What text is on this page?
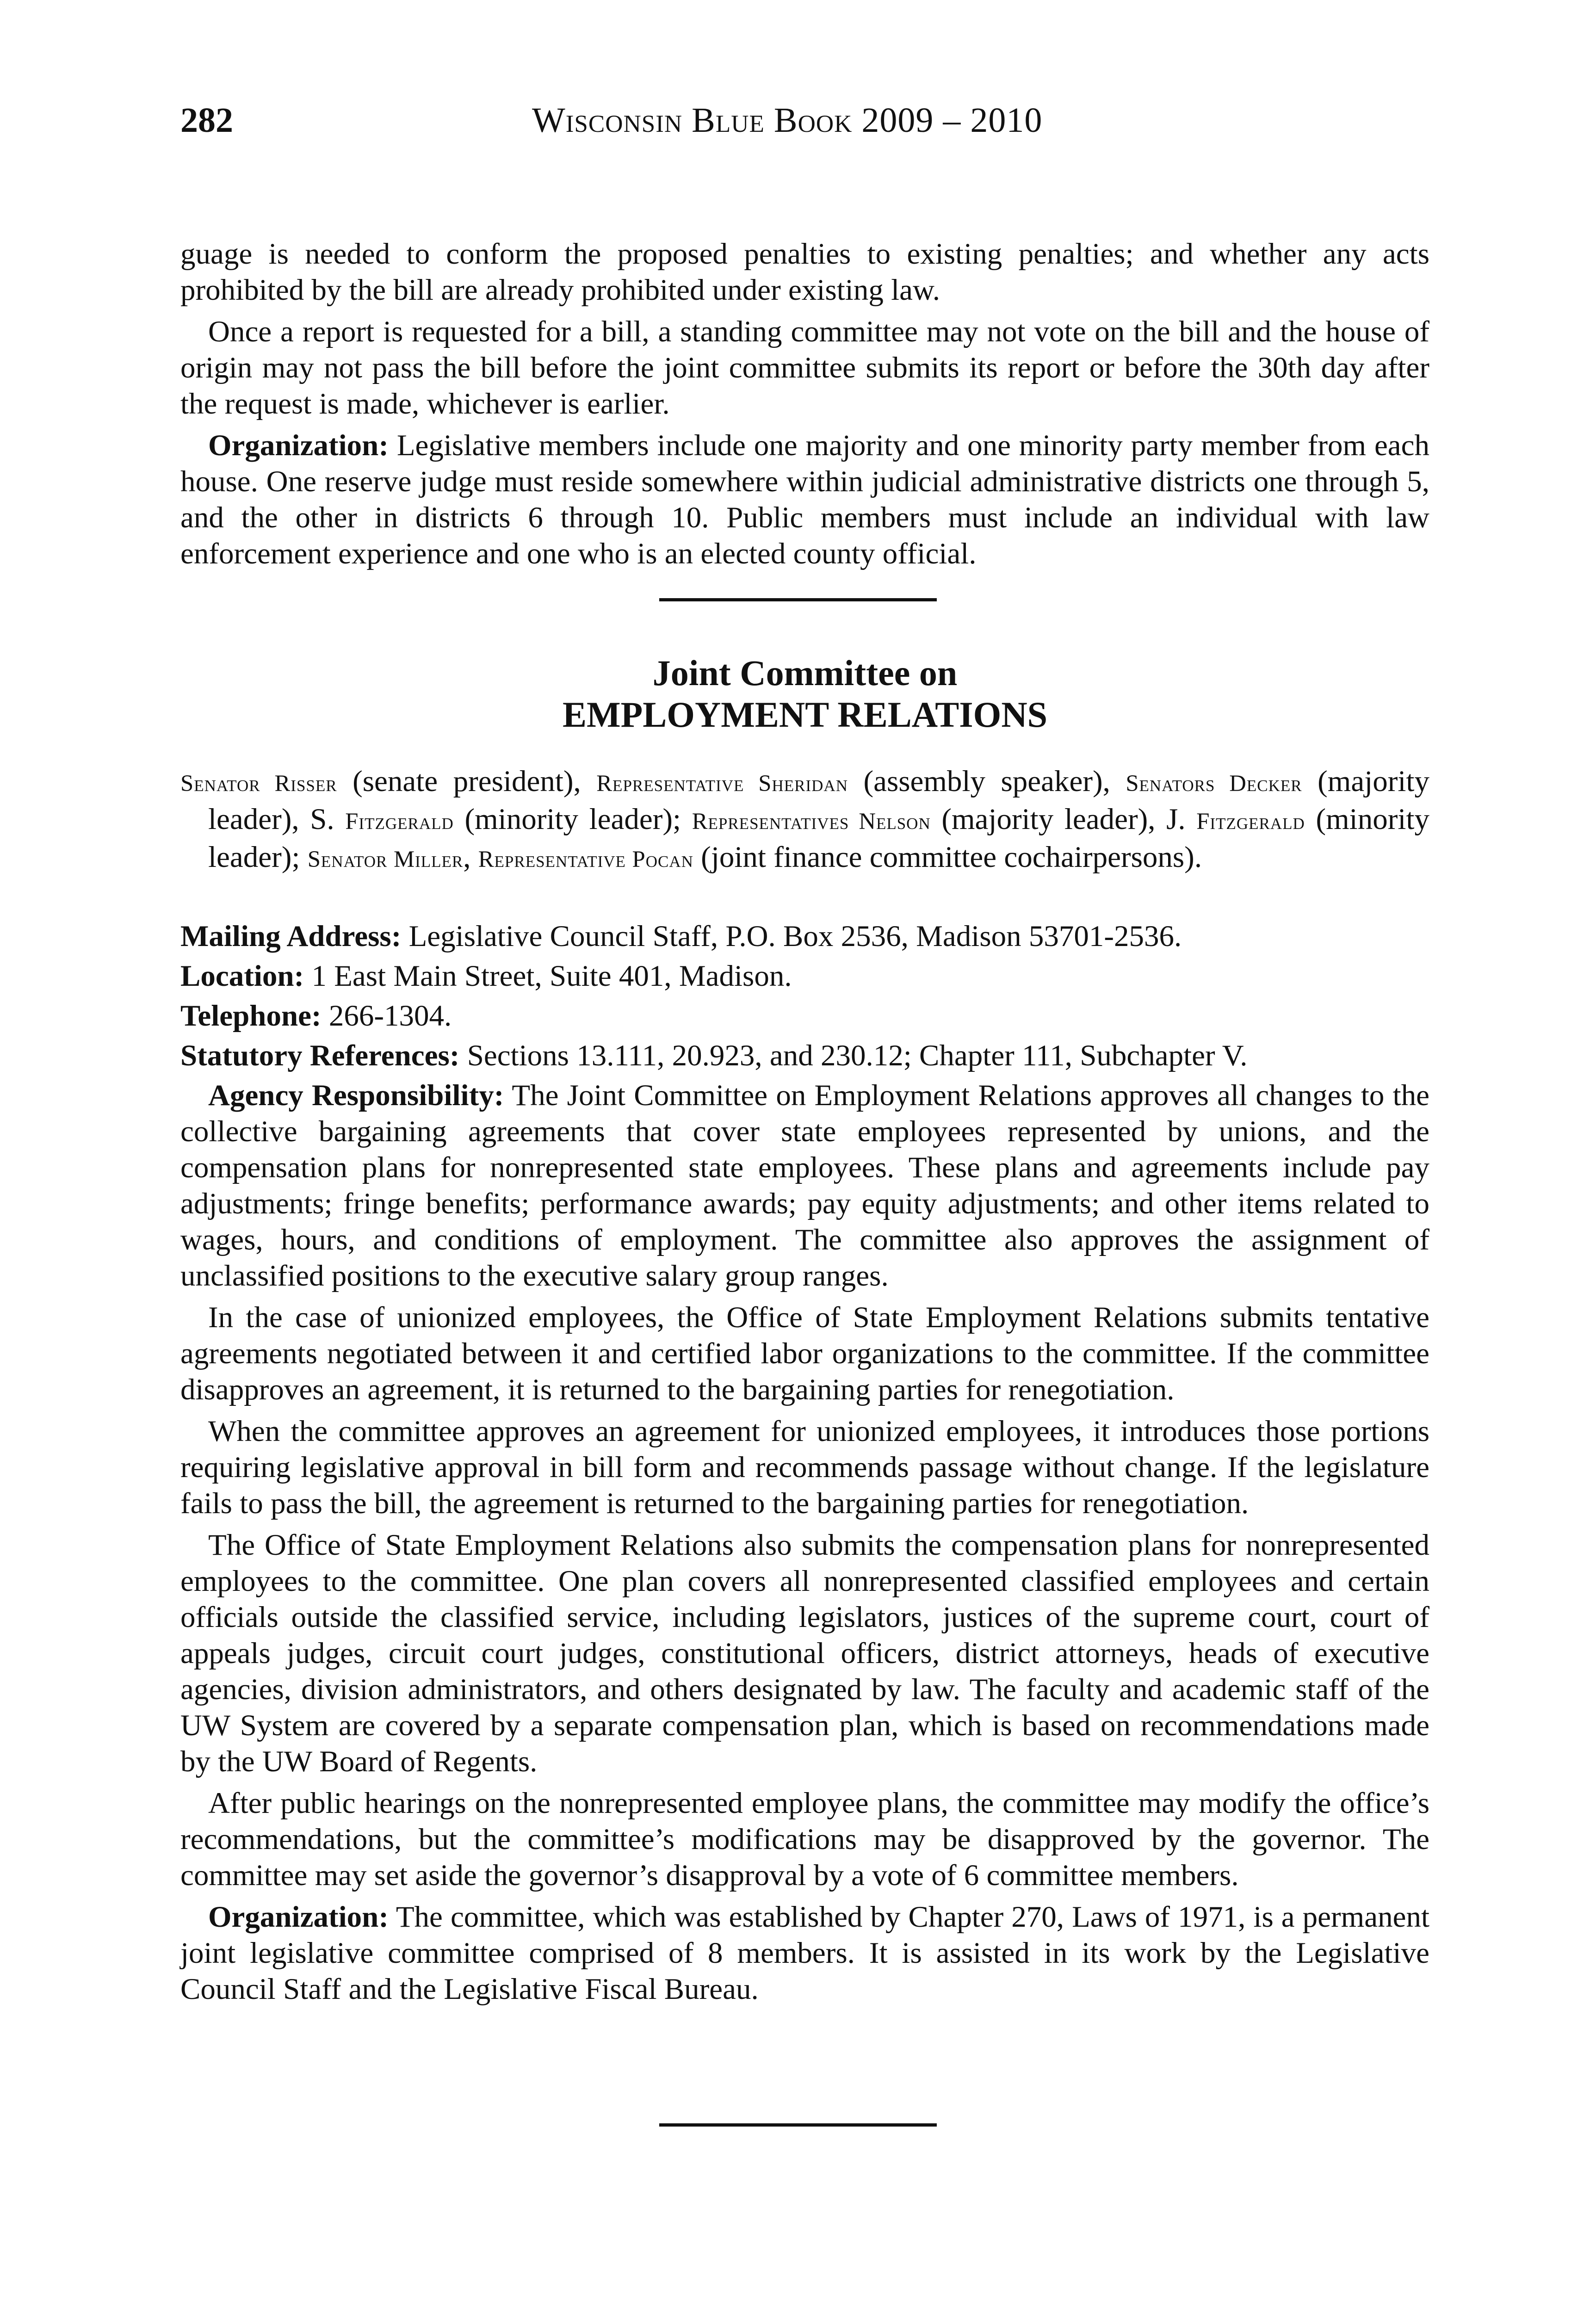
282	Wisconsin Blue Book 2009 – 2010

guage is needed to conform the proposed penalties to existing penalties; and whether any acts prohibited by the bill are already prohibited under existing law.

Once a report is requested for a bill, a standing committee may not vote on the bill and the house of origin may not pass the bill before the joint committee submits its report or before the 30th day after the request is made, whichever is earlier.

Organization: Legislative members include one majority and one minority party member from each house. One reserve judge must reside somewhere within judicial administrative districts one through 5, and the other in districts 6 through 10. Public members must include an individual with law enforcement experience and one who is an elected county official.

Joint Committee on
EMPLOYMENT RELATIONS

Senator Risser (senate president), Representative Sheridan (assembly speaker), Senators Decker (majority leader), S. Fitzgerald (minority leader); Representatives Nelson (majority leader), J. Fitzgerald (minority leader); Senator Miller, Representative Pocan (joint finance committee cochairpersons).

Mailing Address: Legislative Council Staff, P.O. Box 2536, Madison 53701-2536.

Location: 1 East Main Street, Suite 401, Madison.

Telephone: 266-1304.

Statutory References: Sections 13.111, 20.923, and 230.12; Chapter 111, Subchapter V.

Agency Responsibility: The Joint Committee on Employment Relations approves all changes to the collective bargaining agreements that cover state employees represented by unions, and the compensation plans for nonrepresented state employees. These plans and agreements include pay adjustments; fringe benefits; performance awards; pay equity adjustments; and other items related to wages, hours, and conditions of employment. The committee also approves the assignment of unclassified positions to the executive salary group ranges.

In the case of unionized employees, the Office of State Employment Relations submits tentative agreements negotiated between it and certified labor organizations to the committee. If the committee disapproves an agreement, it is returned to the bargaining parties for renegotiation.

When the committee approves an agreement for unionized employees, it introduces those portions requiring legislative approval in bill form and recommends passage without change. If the legislature fails to pass the bill, the agreement is returned to the bargaining parties for renegotiation.

The Office of State Employment Relations also submits the compensation plans for nonrepresented employees to the committee. One plan covers all nonrepresented classified employees and certain officials outside the classified service, including legislators, justices of the supreme court, court of appeals judges, circuit court judges, constitutional officers, district attorneys, heads of executive agencies, division administrators, and others designated by law. The faculty and academic staff of the UW System are covered by a separate compensation plan, which is based on recommendations made by the UW Board of Regents.

After public hearings on the nonrepresented employee plans, the committee may modify the office’s recommendations, but the committee’s modifications may be disapproved by the governor. The committee may set aside the governor’s disapproval by a vote of 6 committee members.

Organization: The committee, which was established by Chapter 270, Laws of 1971, is a permanent joint legislative committee comprised of 8 members. It is assisted in its work by the Legislative Council Staff and the Legislative Fiscal Bureau.
